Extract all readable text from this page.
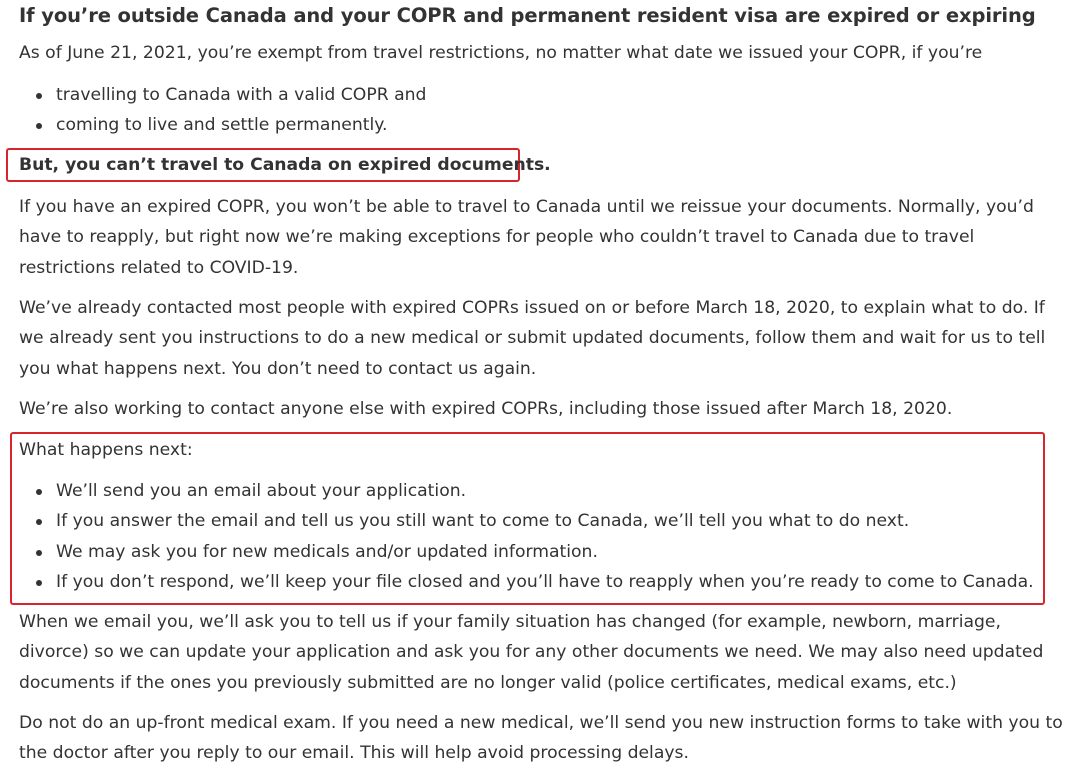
If you’re outside Canada and your COPR and permanent resident visa are expired or expiring
As of June 21, 2021, you’re exempt from travel restrictions, no matter what date we issued your COPR, if you’re
travelling to Canada with a valid COPR and
coming to live and settle permanently.
But, you can’t travel to Canada on expired documents.
If you have an expired COPR, you won’t be able to travel to Canada until we reissue your documents. Normally, you’d
have to reapply, but right now we’re making exceptions for people who couldn’t travel to Canada due to travel
restrictions related to COVID-19.
We’ve already contacted most people with expired COPRs issued on or before March 18, 2020, to explain what to do. If
we already sent you instructions to do a new medical or submit updated documents, follow them and wait for us to tell
you what happens next. You don’t need to contact us again.
We’re also working to contact anyone else with expired COPRs, including those issued after March 18, 2020.
What happens next:
We’ll send you an email about your application.
If you answer the email and tell us you still want to come to Canada, we’ll tell you what to do next.
We may ask you for new medicals and/or updated information.
If you don’t respond, we’ll keep your file closed and you’ll have to reapply when you’re ready to come to Canada.
When we email you, we’ll ask you to tell us if your family situation has changed (for example, newborn, marriage,
divorce) so we can update your application and ask you for any other documents we need. We may also need updated
documents if the ones you previously submitted are no longer valid (police certificates, medical exams, etc.)
Do not do an up-front medical exam. If you need a new medical, we’ll send you new instruction forms to take with you to
the doctor after you reply to our email. This will help avoid processing delays.
